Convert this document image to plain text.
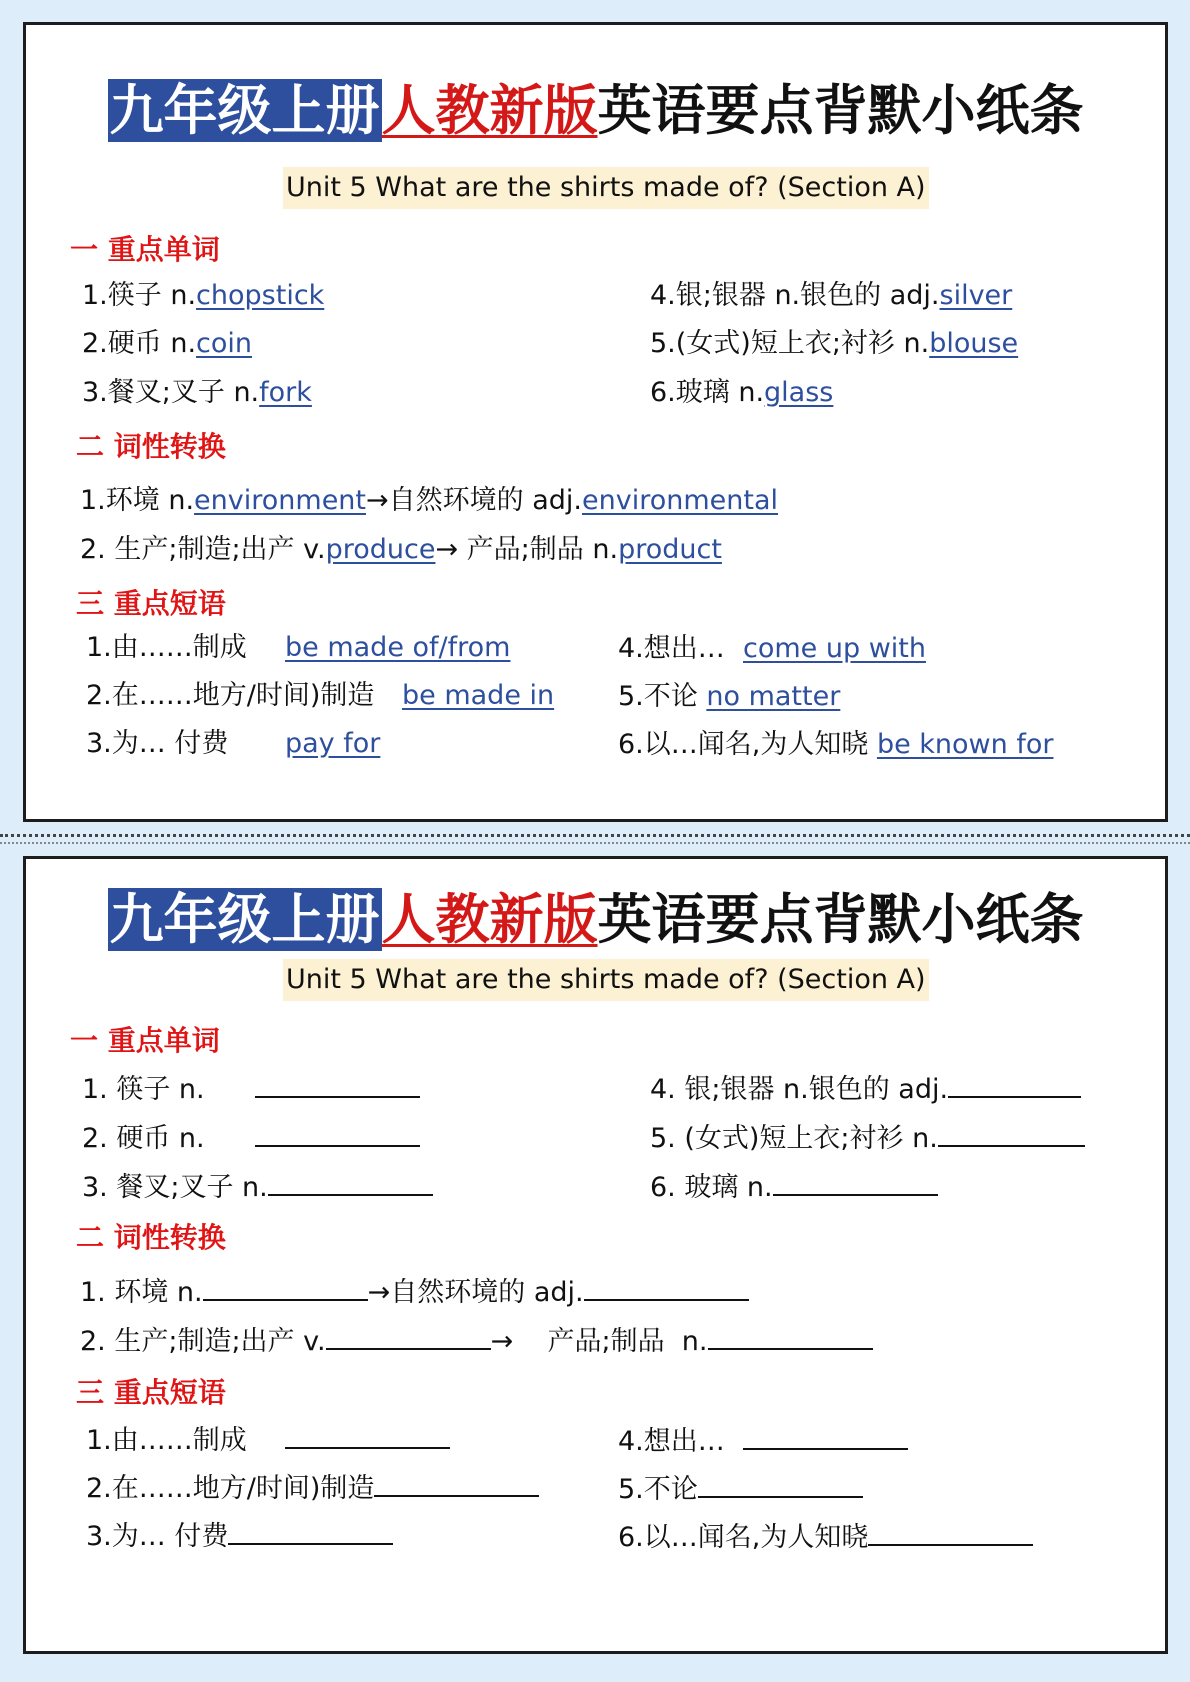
九年级上册人教新版英语要点背默小纸条
Unit 5 What are the shirts made of? (Section A)
一 重点单词
1.筷子 n.chopstick
2.硬币 n.coin
3.餐叉;叉子 n.fork
4.银;银器 n.银色的 adj.silver
5.(女式)短上衣;衬衫 n.blouse
6.玻璃 n.glass
二 词性转换
1.环境 n.environment→自然环境的 adj.environmental
2. 生产;制造;出产 v.produce→ 产品;制品 n.product
三 重点短语
1.由……制成 be made of/from
2.在……地方/时间)制造 be made in
3.为… 付费 pay for
4.想出… come up with
5.不论 no matter
6.以…闻名,为人知晓 be known for
九年级上册人教新版英语要点背默小纸条
Unit 5 What are the shirts made of? (Section A)
一 重点单词
1. 筷子 n.
2. 硬币 n.
3. 餐叉;叉子 n.
4. 银;银器 n.银色的 adj.
5. (女式)短上衣;衬衫 n.
6. 玻璃 n.
二 词性转换
1. 环境 n.	→自然环境的 adj.
2. 生产;制造;出产 v.	→    产品;制品  n.
三 重点短语
1.由……制成
2.在……地方/时间)制造
3.为… 付费
4.想出…
5.不论
6.以…闻名,为人知晓
